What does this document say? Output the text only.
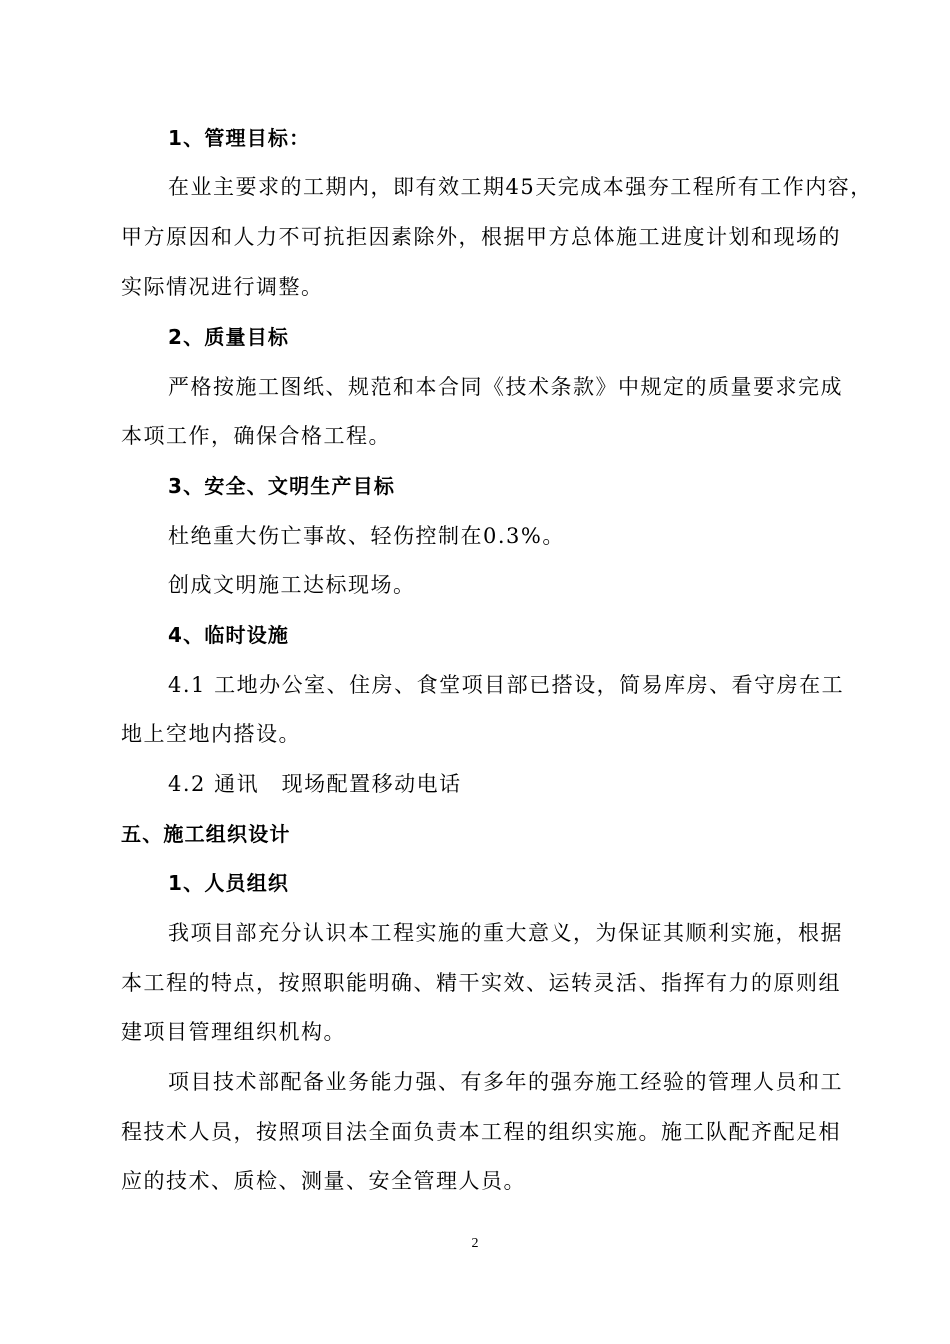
1、管理目标：
在业主要求的工期内，即有效工期45天完成本强夯工程所有工作内容，
甲方原因和人力不可抗拒因素除外，根据甲方总体施工进度计划和现场的
实际情况进行调整。
2、质量目标
严格按施工图纸、规范和本合同《技术条款》中规定的质量要求完成
本项工作，确保合格工程。
3、安全、文明生产目标
杜绝重大伤亡事故、轻伤控制在0.3%。
创成文明施工达标现场。
4、临时设施
4.1 工地办公室、住房、食堂项目部已搭设，简易库房、看守房在工
地上空地内搭设。
4.2 通讯　现场配置移动电话
五、施工组织设计
1、人员组织
我项目部充分认识本工程实施的重大意义，为保证其顺利实施，根据
本工程的特点，按照职能明确、精干实效、运转灵活、指挥有力的原则组
建项目管理组织机构。
项目技术部配备业务能力强、有多年的强夯施工经验的管理人员和工
程技术人员，按照项目法全面负责本工程的组织实施。施工队配齐配足相
应的技术、质检、测量、安全管理人员。
2
